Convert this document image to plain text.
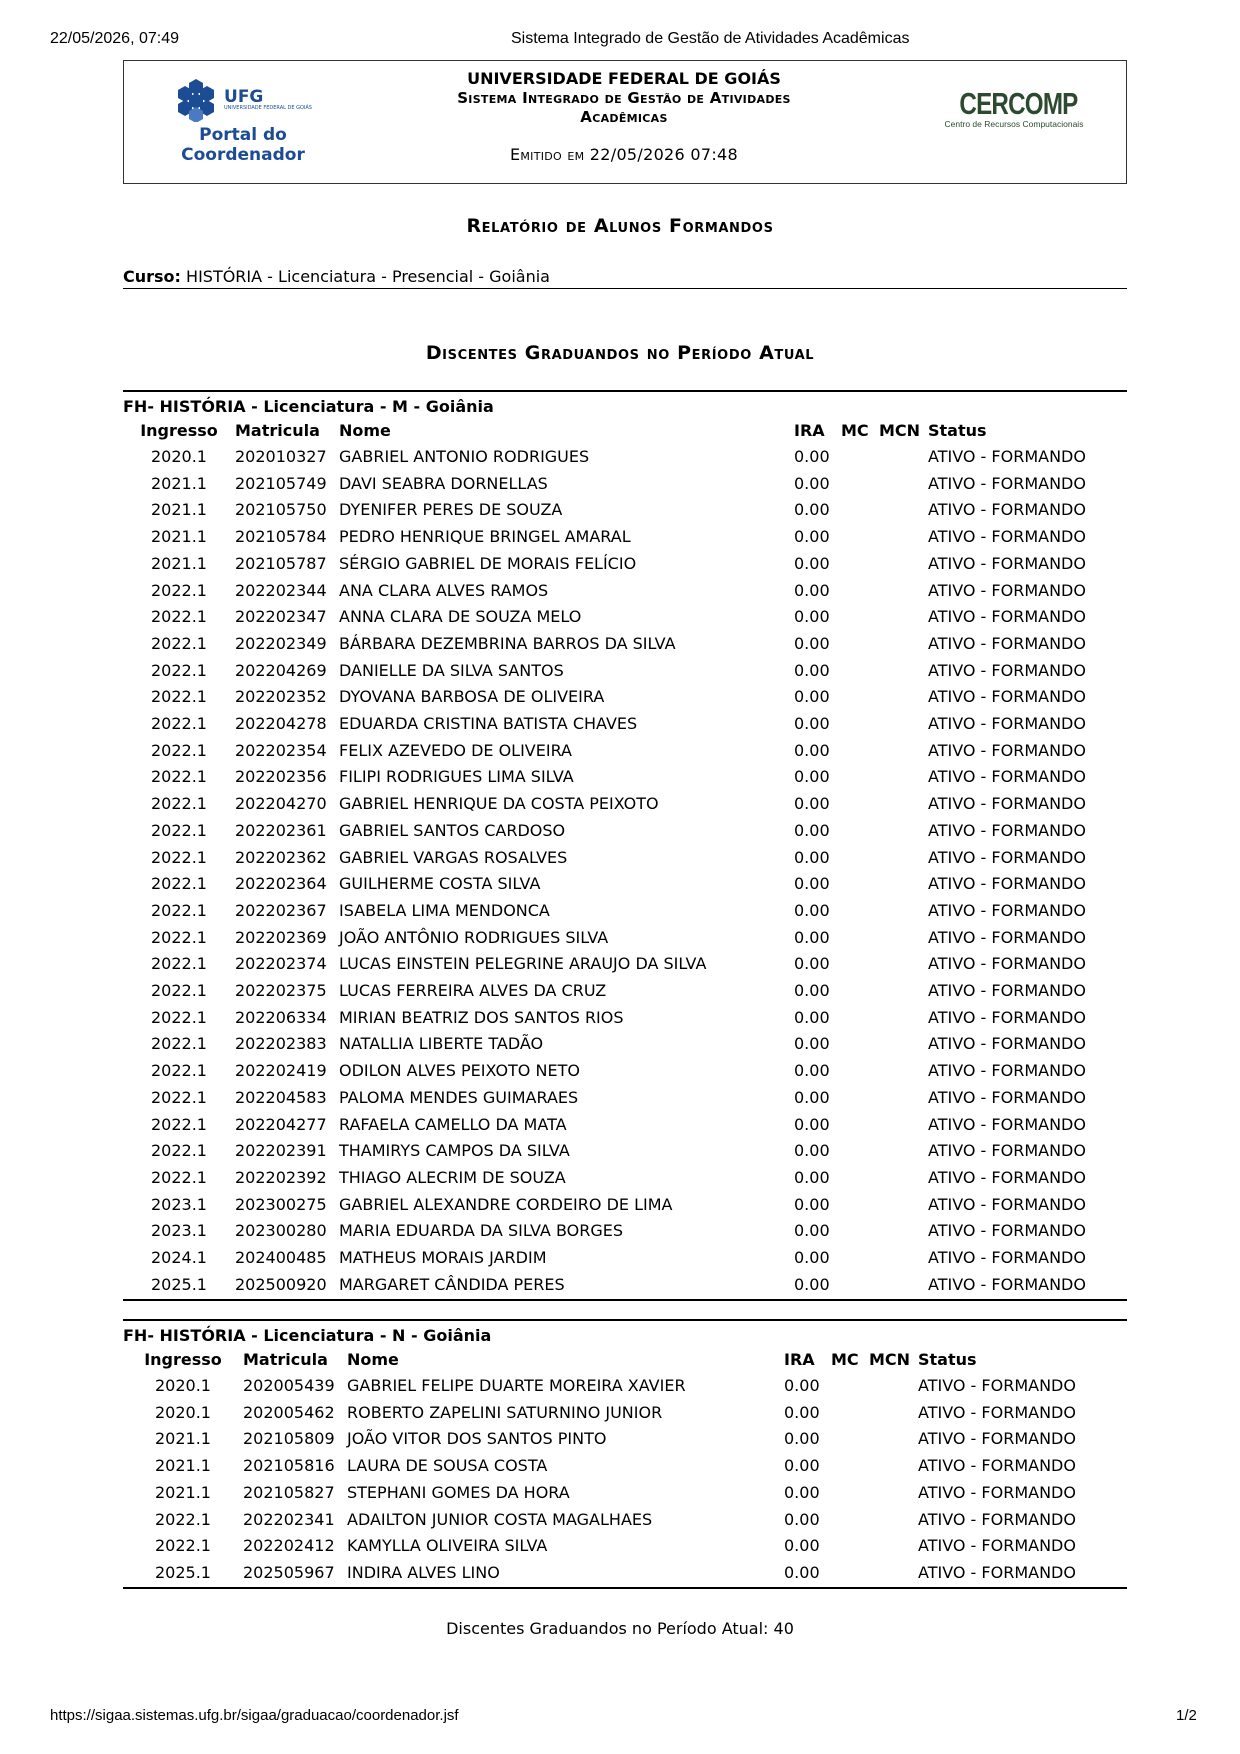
22/05/2026, 07:49	Sistema Integrado de Gestão de Atividades Acadêmicas
UFG
UNIVERSIDADE FEDERAL DE GOIÁS
Portal do
Coordenador
UNIVERSIDADE FEDERAL DE GOIÁS
Sistema Integrado de Gestão de Atividades
Acadêmicas
Emitido em 22/05/2026 07:48
CERCOMP
Centro de Recursos Computacionais
Relatório de Alunos Formandos
Curso: HISTÓRIA - Licenciatura - Presencial - Goiânia
Discentes Graduandos no Período Atual
FH- HISTÓRIA - Licenciatura - M - Goiânia
Ingresso	Matricula	Nome	IRA	MC	MCN	Status
2020.1	202010327	GABRIEL ANTONIO RODRIGUES	0.00			ATIVO - FORMANDO
2021.1	202105749	DAVI SEABRA DORNELLAS	0.00			ATIVO - FORMANDO
2021.1	202105750	DYENIFER PERES DE SOUZA	0.00			ATIVO - FORMANDO
2021.1	202105784	PEDRO HENRIQUE BRINGEL AMARAL	0.00			ATIVO - FORMANDO
2021.1	202105787	SÉRGIO GABRIEL DE MORAIS FELÍCIO	0.00			ATIVO - FORMANDO
2022.1	202202344	ANA CLARA ALVES RAMOS	0.00			ATIVO - FORMANDO
2022.1	202202347	ANNA CLARA DE SOUZA MELO	0.00			ATIVO - FORMANDO
2022.1	202202349	BÁRBARA DEZEMBRINA BARROS DA SILVA	0.00			ATIVO - FORMANDO
2022.1	202204269	DANIELLE DA SILVA SANTOS	0.00			ATIVO - FORMANDO
2022.1	202202352	DYOVANA BARBOSA DE OLIVEIRA	0.00			ATIVO - FORMANDO
2022.1	202204278	EDUARDA CRISTINA BATISTA CHAVES	0.00			ATIVO - FORMANDO
2022.1	202202354	FELIX AZEVEDO DE OLIVEIRA	0.00			ATIVO - FORMANDO
2022.1	202202356	FILIPI RODRIGUES LIMA SILVA	0.00			ATIVO - FORMANDO
2022.1	202204270	GABRIEL HENRIQUE DA COSTA PEIXOTO	0.00			ATIVO - FORMANDO
2022.1	202202361	GABRIEL SANTOS CARDOSO	0.00			ATIVO - FORMANDO
2022.1	202202362	GABRIEL VARGAS ROSALVES	0.00			ATIVO - FORMANDO
2022.1	202202364	GUILHERME COSTA SILVA	0.00			ATIVO - FORMANDO
2022.1	202202367	ISABELA LIMA MENDONCA	0.00			ATIVO - FORMANDO
2022.1	202202369	JOÃO ANTÔNIO RODRIGUES SILVA	0.00			ATIVO - FORMANDO
2022.1	202202374	LUCAS EINSTEIN PELEGRINE ARAUJO DA SILVA	0.00			ATIVO - FORMANDO
2022.1	202202375	LUCAS FERREIRA ALVES DA CRUZ	0.00			ATIVO - FORMANDO
2022.1	202206334	MIRIAN BEATRIZ DOS SANTOS RIOS	0.00			ATIVO - FORMANDO
2022.1	202202383	NATALLIA LIBERTE TADÃO	0.00			ATIVO - FORMANDO
2022.1	202202419	ODILON ALVES PEIXOTO NETO	0.00			ATIVO - FORMANDO
2022.1	202204583	PALOMA MENDES GUIMARAES	0.00			ATIVO - FORMANDO
2022.1	202204277	RAFAELA CAMELLO DA MATA	0.00			ATIVO - FORMANDO
2022.1	202202391	THAMIRYS CAMPOS DA SILVA	0.00			ATIVO - FORMANDO
2022.1	202202392	THIAGO ALECRIM DE SOUZA	0.00			ATIVO - FORMANDO
2023.1	202300275	GABRIEL ALEXANDRE CORDEIRO DE LIMA	0.00			ATIVO - FORMANDO
2023.1	202300280	MARIA EDUARDA DA SILVA BORGES	0.00			ATIVO - FORMANDO
2024.1	202400485	MATHEUS MORAIS JARDIM	0.00			ATIVO - FORMANDO
2025.1	202500920	MARGARET CÂNDIDA PERES	0.00			ATIVO - FORMANDO
FH- HISTÓRIA - Licenciatura - N - Goiânia
Ingresso	Matricula	Nome	IRA	MC	MCN	Status
2020.1	202005439	GABRIEL FELIPE DUARTE MOREIRA XAVIER	0.00			ATIVO - FORMANDO
2020.1	202005462	ROBERTO ZAPELINI SATURNINO JUNIOR	0.00			ATIVO - FORMANDO
2021.1	202105809	JOÃO VITOR DOS SANTOS PINTO	0.00			ATIVO - FORMANDO
2021.1	202105816	LAURA DE SOUSA COSTA	0.00			ATIVO - FORMANDO
2021.1	202105827	STEPHANI GOMES DA HORA	0.00			ATIVO - FORMANDO
2022.1	202202341	ADAILTON JUNIOR COSTA MAGALHAES	0.00			ATIVO - FORMANDO
2022.1	202202412	KAMYLLA OLIVEIRA SILVA	0.00			ATIVO - FORMANDO
2025.1	202505967	INDIRA ALVES LINO	0.00			ATIVO - FORMANDO
Discentes Graduandos no Período Atual: 40
https://sigaa.sistemas.ufg.br/sigaa/graduacao/coordenador.jsf	1/2
